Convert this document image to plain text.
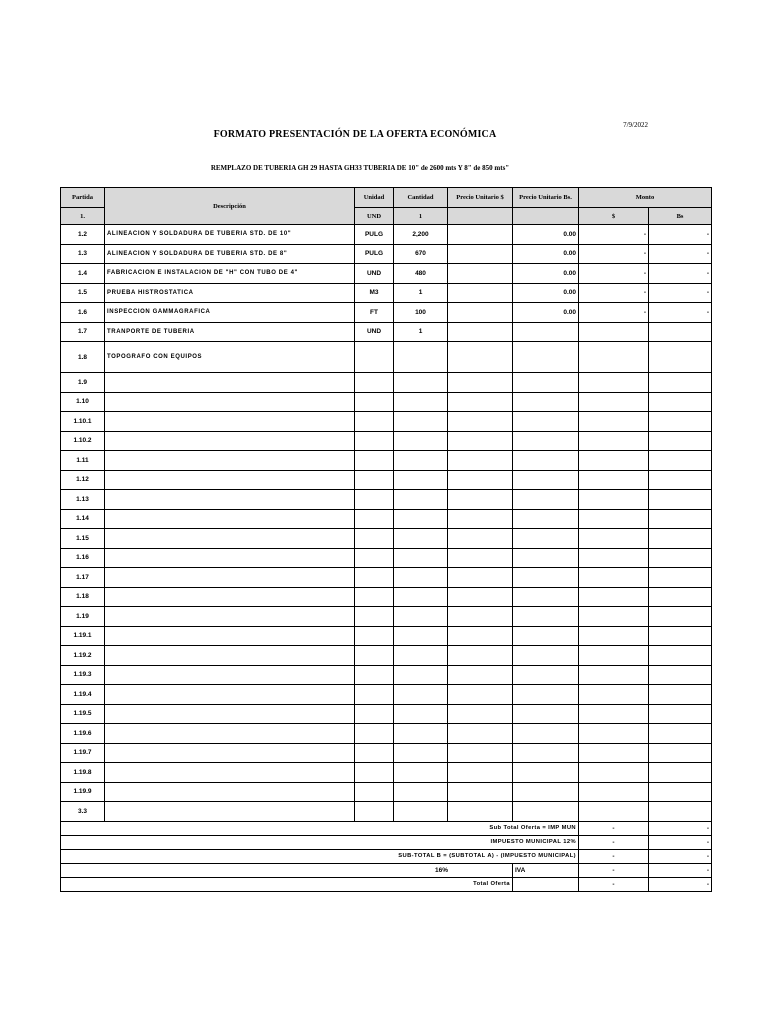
7/9/2022
FORMATO PRESENTACIÓN DE LA OFERTA ECONÓMICA
REMPLAZO DE TUBERIA GH 29 HASTA GH33 TUBERIA DE 10" de 2600 mts Y 8" de 850 mts"
Partida	Descripción	Unidad	Cantidad	Precio Unitario $	Precio Unitario Bs.	Monto	
1.		UND	1			$	Bs
1.2	ALINEACION Y SOLDADURA DE TUBERIA STD. DE 10"	PULG	2,200		0.00	-	-
1.3	ALINEACION Y SOLDADURA DE TUBERIA STD. DE 8"	PULG	670		0.00	-	-
1.4	FABRICACION E INSTALACION DE "H" CON TUBO DE 4"	UND	480		0.00	-	-
1.5	PRUEBA HISTROSTATICA	M3	1		0.00	-	-
1.6	INSPECCION GAMMAGRAFICA	FT	100		0.00	-	-
1.7	TRANPORTE DE TUBERIA	UND	1				
1.8	TOPOGRAFO CON EQUIPOS						
1.9							
1.10							
1.10.1							
1.10.2							
1.11							
1.12							
1.13							
1.14							
1.15							
1.16							
1.17							
1.18							
1.19							
1.19.1							
1.19.2							
1.19.3							
1.19.4							
1.19.5							
1.19.6							
1.19.7							
1.19.8							
1.19.9							
3.3							
Sub Total Oferta = IMP MUN						-	-
IMPUESTO MUNICIPAL 12%						-	-
SUB-TOTAL B = (SUBTOTAL A) - (IMPUESTO MUNICIPAL)						-	-
16%					IVA	-	-
Total Oferta						-	-
